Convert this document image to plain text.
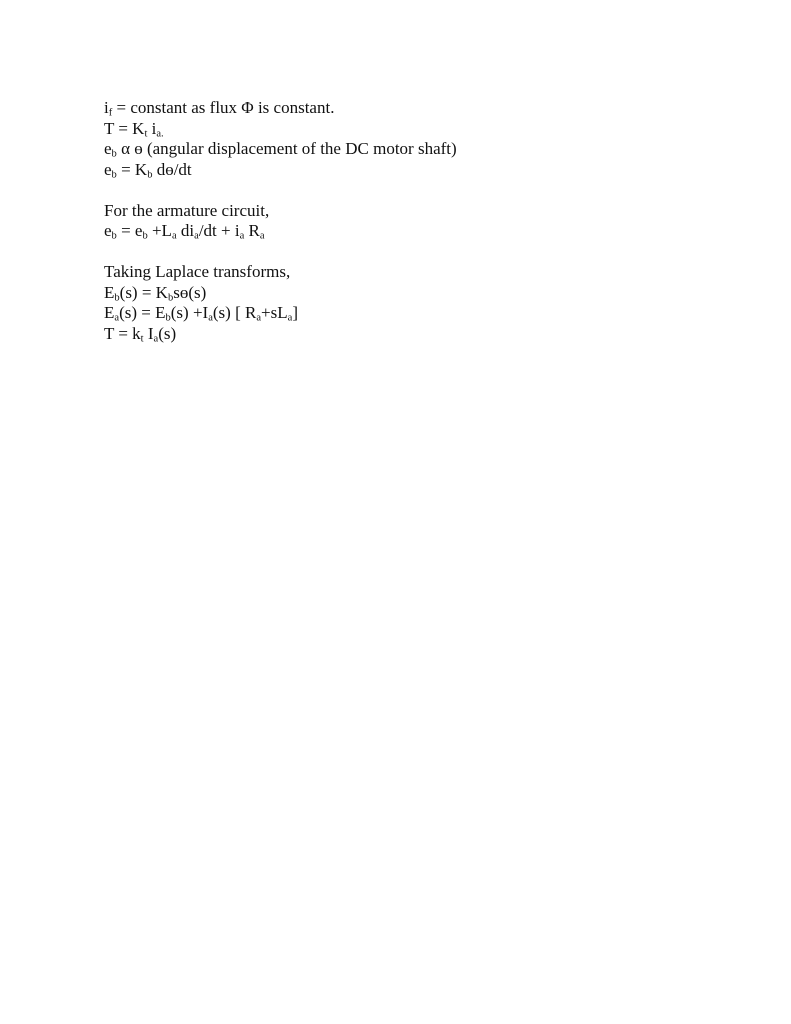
$i_f$ = constant as flux Φ is constant.
$T = K_t$ $i_{a.}$
$e_b$ α ɵ (angular displacement of the DC motor shaft)
$e_b = K_b$ dɵ/dt
For the armature circuit,
$e_b = e_b +L_a$ $di_a/dt + i_a$ $R_a$
Taking Laplace transforms,
$E_b(s)$ = $K_bsɵ(s)$
$E_a(s) = E_b(s) +I_a(s)$ [ $R_a+sL_a$]
$T = k_t$ $I_a(s)$
